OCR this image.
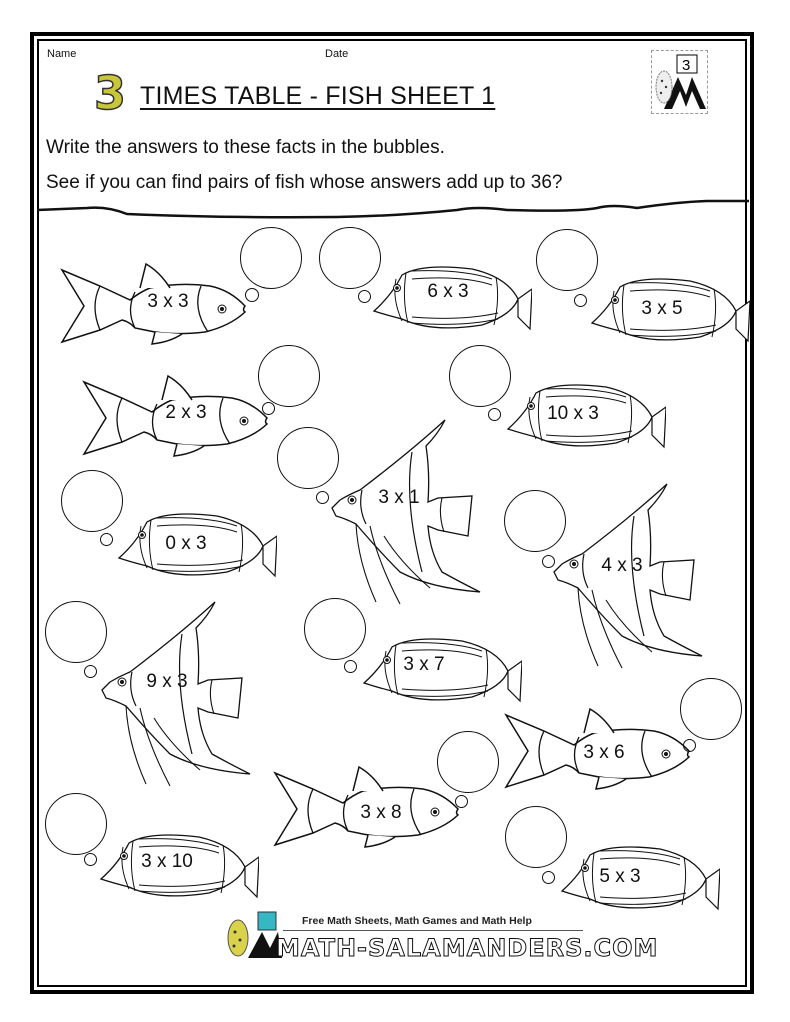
Name	Date
3 TIMES TABLE - FISH SHEET 1
3
Write the answers to these facts in the bubbles.
See if you can find pairs of fish whose answers add up to 36?
3 x 3	6 x 3
3 x 5
2 x 3	10 x 3
3 x 1
0 x 3
4 x 3
9 x 3
3 x 7
3 x 6
3 x 8
3 x 10
5 x 3
Free Math Sheets, Math Games and Math Help
MATH-SALAMANDERS.COM
